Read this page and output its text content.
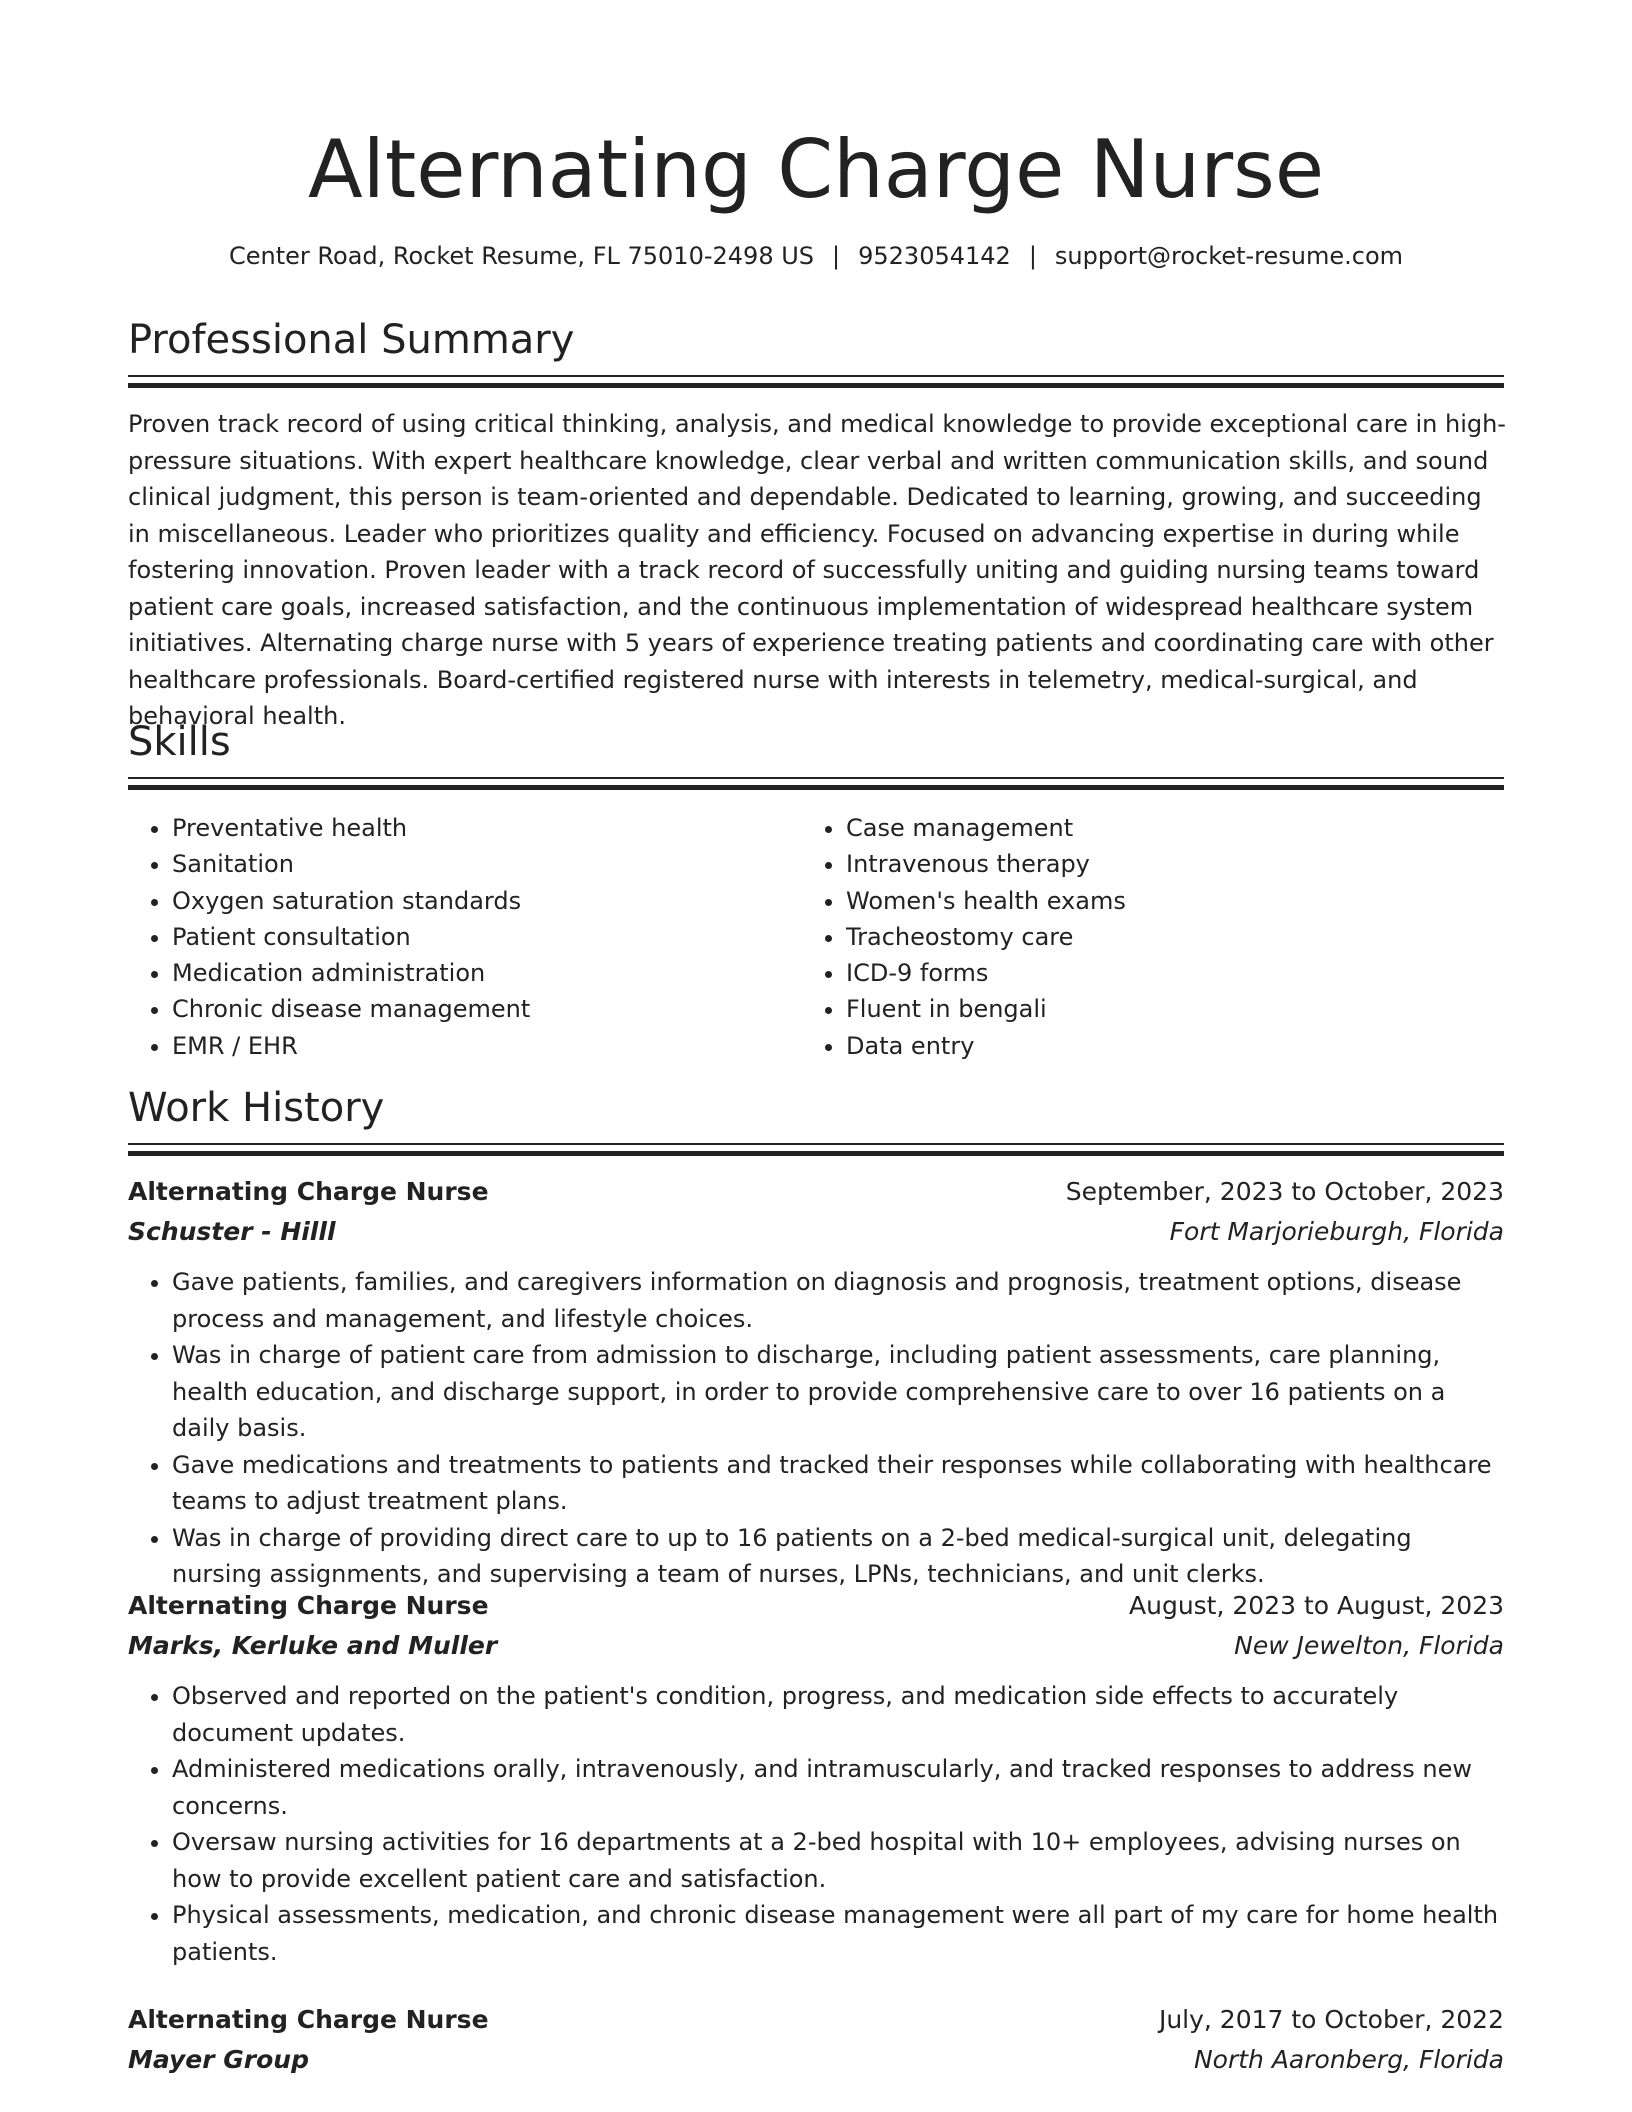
Alternating Charge Nurse
Center Road, Rocket Resume, FL 75010-2498 US | 9523054142 | support@rocket-resume.com
Professional Summary

Proven track record of using critical thinking, analysis, and medical knowledge to provide exceptional care in high-pressure situations. With expert healthcare knowledge, clear verbal and written communication skills, and sound clinical judgment, this person is team-oriented and dependable. Dedicated to learning, growing, and succeeding in miscellaneous. Leader who prioritizes quality and efficiency. Focused on advancing expertise in during while fostering innovation. Proven leader with a track record of successfully uniting and guiding nursing teams toward patient care goals, increased satisfaction, and the continuous implementation of widespread healthcare system initiatives. Alternating charge nurse with 5 years of experience treating patients and coordinating care with other healthcare professionals. Board-certified registered nurse with interests in telemetry, medical-surgical, and behavioral health.

Skills
• Preventative health
• Sanitation
• Oxygen saturation standards
• Patient consultation
• Medication administration
• Chronic disease management
• EMR / EHR
• Case management
• Intravenous therapy
• Women's health exams
• Tracheostomy care
• ICD-9 forms
• Fluent in bengali
• Data entry
Work History
Alternating Charge Nurse	September, 2023 to October, 2023
Schuster - Hilll	Fort Marjorieburgh, Florida
• Gave patients, families, and caregivers information on diagnosis and prognosis, treatment options, disease process and management, and lifestyle choices.
• Was in charge of patient care from admission to discharge, including patient assessments, care planning, health education, and discharge support, in order to provide comprehensive care to over 16 patients on a daily basis.
• Gave medications and treatments to patients and tracked their responses while collaborating with healthcare teams to adjust treatment plans.
• Was in charge of providing direct care to up to 16 patients on a 2-bed medical-surgical unit, delegating nursing assignments, and supervising a team of nurses, LPNs, technicians, and unit clerks.
Alternating Charge Nurse	August, 2023 to August, 2023
Marks, Kerluke and Muller	New Jewelton, Florida
• Observed and reported on the patient's condition, progress, and medication side effects to accurately document updates.
• Administered medications orally, intravenously, and intramuscularly, and tracked responses to address new concerns.
• Oversaw nursing activities for 16 departments at a 2-bed hospital with 10+ employees, advising nurses on how to provide excellent patient care and satisfaction.
• Physical assessments, medication, and chronic disease management were all part of my care for home health patients.
Alternating Charge Nurse	July, 2017 to October, 2022
Mayer Group	North Aaronberg, Florida
